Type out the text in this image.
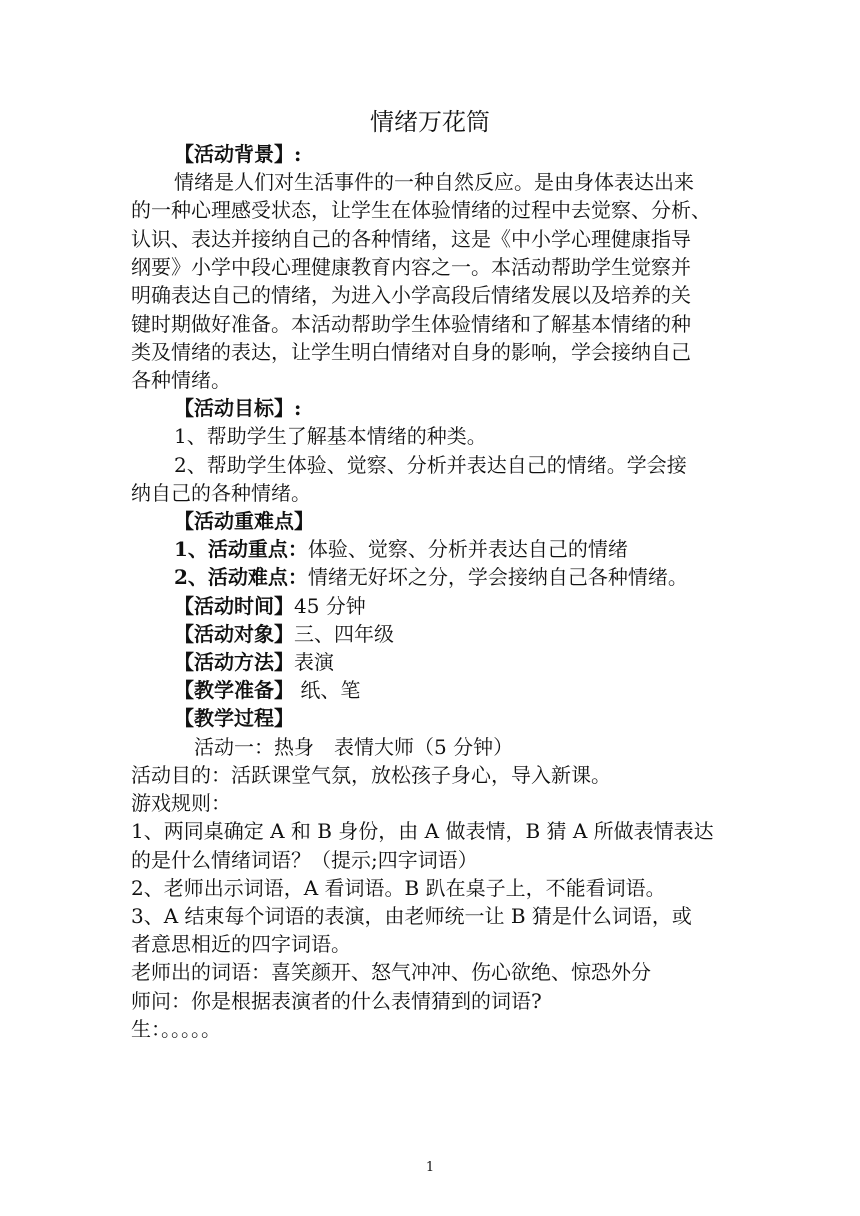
情绪万花筒
【活动背景】:
情绪是人们对生活事件的一种自然反应。是由身体表达出来
的一种心理感受状态，让学生在体验情绪的过程中去觉察、分析、
认识、表达并接纳自己的各种情绪，这是《中小学心理健康指导
纲要》小学中段心理健康教育内容之一。本活动帮助学生觉察并
明确表达自己的情绪，为进入小学高段后情绪发展以及培养的关
键时期做好准备。本活动帮助学生体验情绪和了解基本情绪的种
类及情绪的表达，让学生明白情绪对自身的影响，学会接纳自己
各种情绪。
【活动目标】:
1、帮助学生了解基本情绪的种类。
2、帮助学生体验、觉察、分析并表达自己的情绪。学会接
纳自己的各种情绪。
【活动重难点】
1、活动重点：体验、觉察、分析并表达自己的情绪
2、活动难点：情绪无好坏之分，学会接纳自己各种情绪。
【活动时间】45 分钟
【活动对象】三、四年级
【活动方法】表演
【教学准备】 纸、笔
【教学过程】
活动一：热身　表情大师（5 分钟）
活动目的：活跃课堂气氛，放松孩子身心，导入新课。
游戏规则：
1、两同桌确定 A 和 B 身份，由 A 做表情，B 猜 A 所做表情表达
的是什么情绪词语？（提示;四字词语）
2、老师出示词语，A 看词语。B 趴在桌子上，不能看词语。
3、A 结束每个词语的表演，由老师统一让 B 猜是什么词语，或
者意思相近的四字词语。
老师出的词语：喜笑颜开、怒气冲冲、伤心欲绝、惊恐外分
师问：你是根据表演者的什么表情猜到的词语?
生：。。。。。
1
